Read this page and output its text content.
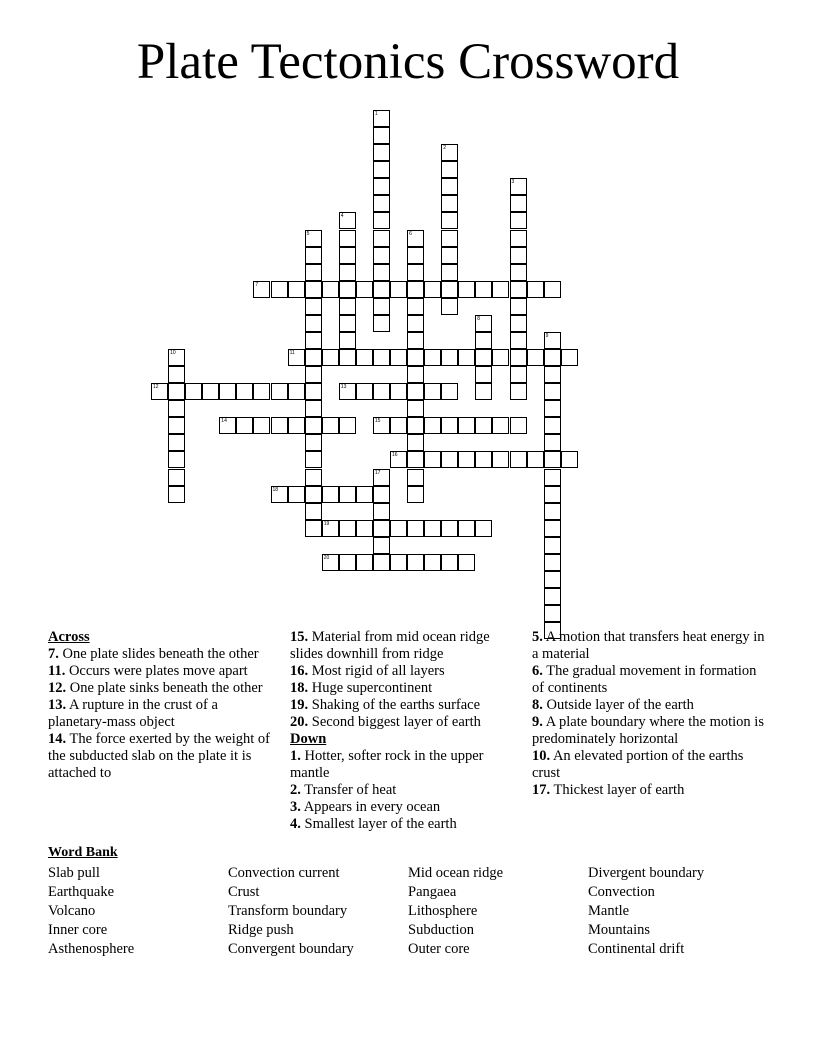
Plate Tectonics Crossword
1
2
3
4
5	6
7
8
9
10	11
12	13
14	15
16
17
18
19
20

Across

7. One plate slides beneath the other

11. Occurs were plates move apart

12. One plate sinks beneath the other

13. A rupture in the crust of a planetary-mass object

14. The force exerted by the weight of the subducted slab on the plate it is attached to

15. Material from mid ocean ridge slides downhill from ridge

16. Most rigid of all layers

18. Huge supercontinent

19. Shaking of the earths surface

20. Second biggest layer of earth

Down

1. Hotter, softer rock in the upper mantle

2. Transfer of heat

3. Appears in every ocean

4. Smallest layer of the earth

5. A motion that transfers heat energy in a material

6. The gradual movement in formation of continents

8. Outside layer of the earth

9. A plate boundary where the motion is predominately horizontal

10. An elevated portion of the earths crust

17. Thickest layer of earth

Word Bank
Slab pull
Earthquake
Volcano
Inner core
Asthenosphere
Convection current
Crust
Transform boundary
Ridge push
Convergent boundary
Mid ocean ridge
Pangaea
Lithosphere
Subduction
Outer core
Divergent boundary
Convection
Mantle
Mountains
Continental drift
